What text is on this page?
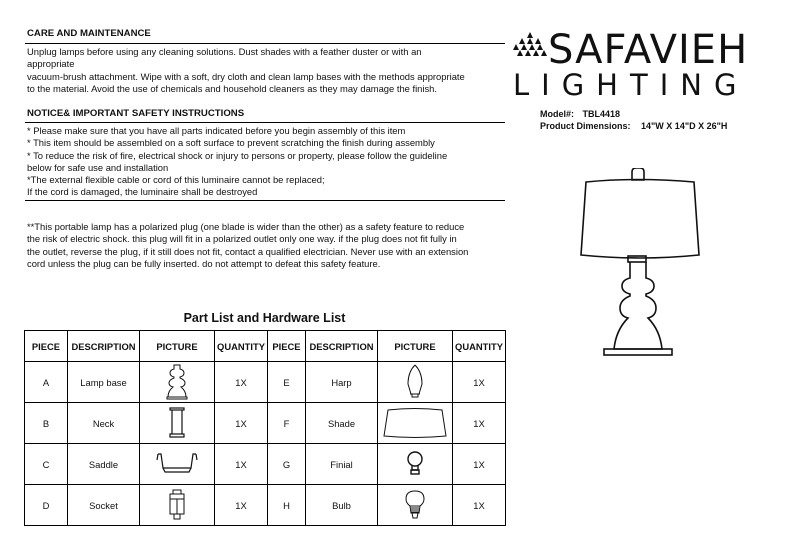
CARE AND MAINTENANCE
Unplug lamps before using any cleaning solutions. Dust shades with a feather duster or with an
appropriate
vacuum-brush attachment. Wipe with a soft, dry cloth and clean lamp bases with the methods appropriate
to the material. Avoid the use of chemicals and household cleaners as they may damage the finish.
NOTICE& IMPORTANT SAFETY INSTRUCTIONS
* Please make sure that you have all parts indicated before you begin assembly of this item
* This item should be assembled on a soft surface to prevent scratching the finish during assembly
* To reduce the risk of fire, electrical shock or injury to persons or property, please follow the guideline
below for safe use and installation
*The external flexible cable or cord of this luminaire cannot be replaced;
If the cord is damaged, the luminaire shall be destroyed
**This portable lamp has a polarized plug (one blade is wider than the other) as a safety feature to reduce
the risk of electric shock. this plug will fit in a polarized outlet only one way. if the plug does not fit fully in
the outlet, reverse the plug, if it still does not fit, contact a qualified electrician. Never use with an extension
cord unless the plug can be fully inserted. do not attempt to defeat this safety feature.
SAFAVIEH
LIGHTING
Model#: TBL4418
Product Dimensions: 14"W X 14"D X 26"H
Part List and Hardware List
PIECE	DESCRIPTION	PICTURE	QUANTITY	PIECE	DESCRIPTION	PICTURE	QUANTITY
A	Lamp base		1X	E	Harp		1X
B	Neck		1X	F	Shade		1X
C	Saddle		1X	G	Finial		1X
D	Socket		1X	H	Bulb		1X
